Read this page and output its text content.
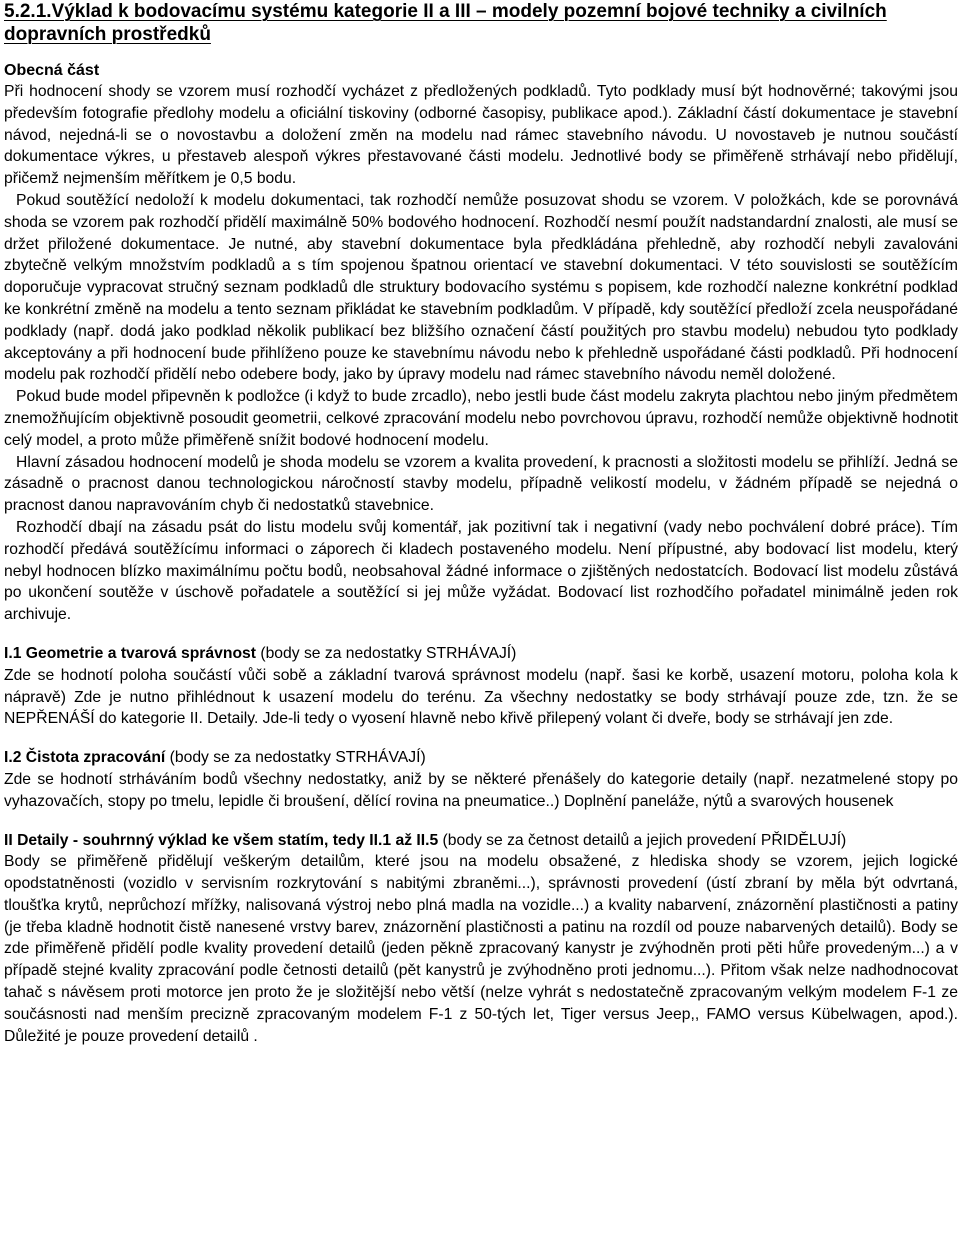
5.2.1.Výklad k bodovacímu systému kategorie II a III – modely pozemní bojové techniky a civilních dopravních prostředků
Obecná část

Při hodnocení shody se vzorem musí rozhodčí vycházet z předložených podkladů. Tyto podklady musí být hodnověrné; takovými jsou především fotografie předlohy modelu a oficiální tiskoviny (odborné časopisy, publikace apod.). Základní částí dokumentace je stavební návod, nejedná-li se o novostavbu a doložení změn na modelu nad rámec stavebního návodu. U novostaveb je nutnou součástí dokumentace výkres, u přestaveb alespoň výkres přestavované části modelu. Jednotlivé body se přiměřeně strhávají nebo přidělují, přičemž nejmenším měřítkem je 0,5 bodu.

Pokud soutěžící nedoloží k modelu dokumentaci, tak rozhodčí nemůže posuzovat shodu se vzorem. V položkách, kde se porovnává shoda se vzorem pak rozhodčí přidělí maximálně 50% bodového hodnocení. Rozhodčí nesmí použít nadstandardní znalosti, ale musí se držet přiložené dokumentace. Je nutné, aby stavební dokumentace byla předkládána přehledně, aby rozhodčí nebyli zavalováni zbytečně velkým množstvím podkladů a s tím spojenou špatnou orientací ve stavební dokumentaci. V této souvislosti se soutěžícím doporučuje vypracovat stručný seznam podkladů dle struktury bodovacího systému s popisem, kde rozhodčí nalezne konkrétní podklad ke konkrétní změně na modelu a tento seznam přikládat ke stavebním podkladům. V případě, kdy soutěžící předloží zcela neuspořádané podklady (např. dodá jako podklad několik publikací bez bližšího označení částí použitých pro stavbu modelu) nebudou tyto podklady akceptovány a při hodnocení bude přihlíženo pouze ke stavebnímu návodu nebo k přehledně uspořádané části podkladů. Při hodnocení modelu pak rozhodčí přidělí nebo odebere body, jako by úpravy modelu nad rámec stavebního návodu neměl doložené.

Pokud bude model připevněn k podložce (i když to bude zrcadlo), nebo jestli bude část modelu zakryta plachtou nebo jiným předmětem znemožňujícím objektivně posoudit geometrii, celkové zpracování modelu nebo povrchovou úpravu, rozhodčí nemůže objektivně hodnotit celý model, a proto může přiměřeně snížit bodové hodnocení modelu.

Hlavní zásadou hodnocení modelů je shoda modelu se vzorem a kvalita provedení, k pracnosti a složitosti modelu se přihlíží. Jedná se zásadně o pracnost danou technologickou náročností stavby modelu, případně velikostí modelu, v žádném případě se nejedná o pracnost danou napravováním chyb či nedostatků stavebnice.

Rozhodčí dbají na zásadu psát do listu modelu svůj komentář, jak pozitivní tak i negativní (vady nebo pochválení dobré práce). Tím rozhodčí předává soutěžícímu informaci o záporech či kladech postaveného modelu. Není přípustné, aby bodovací list modelu, který nebyl hodnocen blízko maximálnímu počtu bodů, neobsahoval žádné informace o zjištěných nedostatcích. Bodovací list modelu zůstává po ukončení soutěže v úschově pořadatele a soutěžící si jej může vyžádat. Bodovací list rozhodčího pořadatel minimálně jeden rok archivuje.

I.1 Geometrie a tvarová správnost (body se za nedostatky STRHÁVAJÍ)

Zde se hodnotí poloha součástí vůči sobě a základní tvarová správnost modelu (např. šasi ke korbě, usazení motoru, poloha kola k nápravě) Zde je nutno přihlédnout k usazení modelu do terénu. Za všechny nedostatky se body strhávají pouze zde, tzn. že se NEPŘENÁŠÍ do kategorie II. Detaily. Jde-li tedy o vyosení hlavně nebo křivě přilepený volant či dveře, body se strhávají jen zde.

I.2 Čistota zpracování (body se za nedostatky STRHÁVAJÍ)

Zde se hodnotí strháváním bodů všechny nedostatky, aniž by se některé přenášely do kategorie detaily (např. nezatmelené stopy po vyhazovačích, stopy po tmelu, lepidle či broušení, dělící rovina na pneumatice..) Doplnění paneláže, nýtů a svarových housenek

II Detaily - souhrnný výklad ke všem statím, tedy II.1 až II.5 (body se za četnost detailů a jejich provedení PŘIDĚLUJÍ)

Body se přiměřeně přidělují veškerým detailům, které jsou na modelu obsažené, z hlediska shody se vzorem, jejich logické opodstatněnosti (vozidlo v servisním rozkrytování s nabitými zbraněmi...), správnosti provedení (ústí zbraní by měla být odvrtaná, tloušťka krytů, neprůchozí mřížky, nalisovaná výstroj nebo plná madla na vozidle...) a kvality nabarvení, znázornění plastičnosti a patiny (je třeba kladně hodnotit čistě nanesené vrstvy barev, znázornění plastičnosti a patinu na rozdíl od pouze nabarvených detailů). Body se zde přiměřeně přidělí podle kvality provedení detailů (jeden pěkně zpracovaný kanystr je zvýhodněn proti pěti hůře provedeným...) a v případě stejné kvality zpracování podle četnosti detailů (pět kanystrů je zvýhodněno proti jednomu...). Přitom však nelze nadhodnocovat tahač s návěsem proti motorce jen proto že je složitější nebo větší (nelze vyhrát s nedostatečně zpracovaným velkým modelem F-1 ze součásnosti nad menším precizně zpracovaným modelem F-1 z 50-tých let, Tiger versus Jeep,, FAMO versus Kübelwagen, apod.). Důležité je pouze provedení detailů .
